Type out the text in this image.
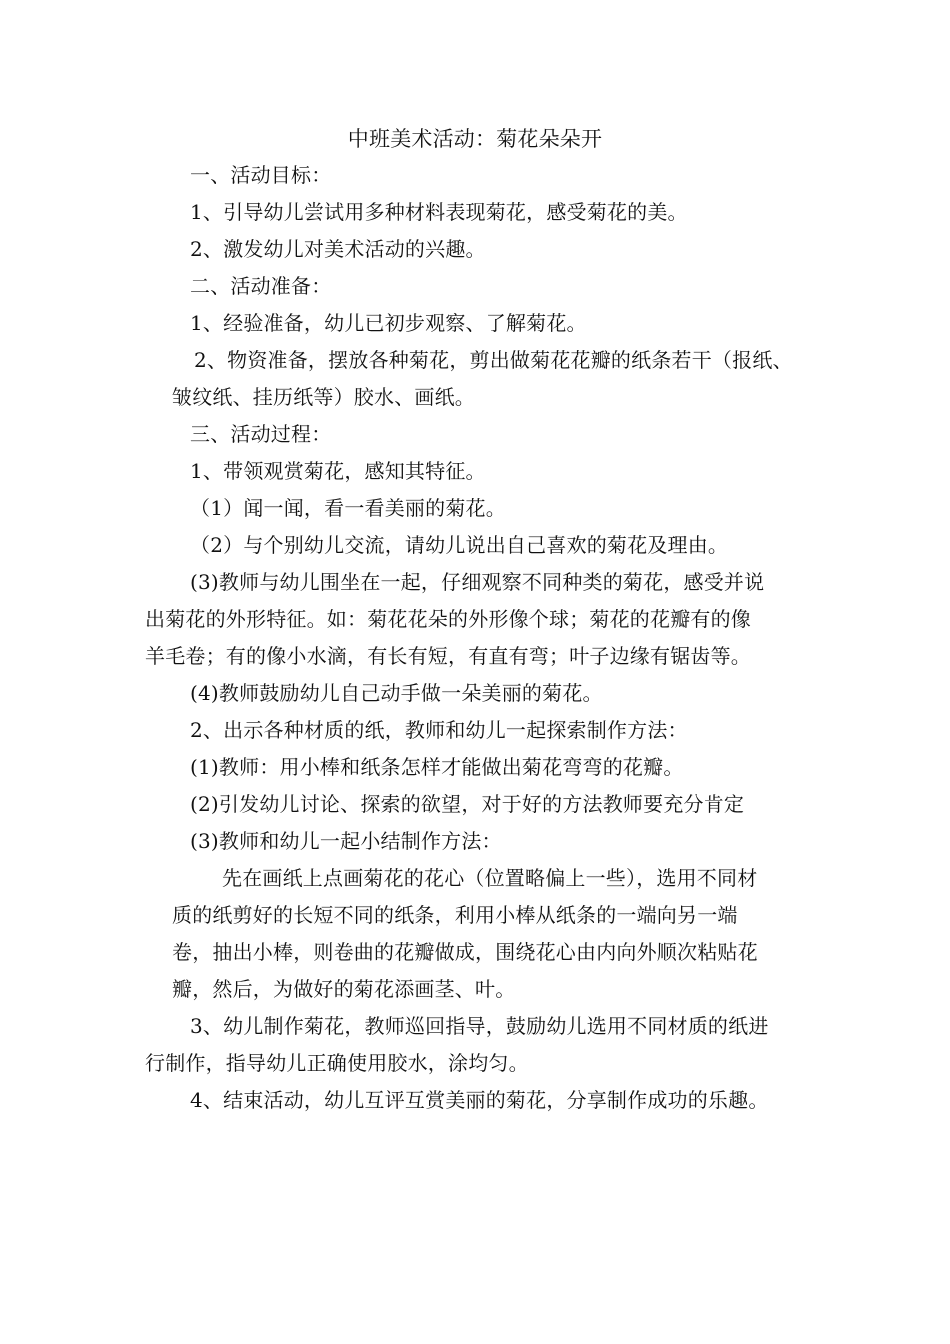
中班美术活动：菊花朵朵开
一、活动目标：
1、引导幼儿尝试用多种材料表现菊花，感受菊花的美。
2、激发幼儿对美术活动的兴趣。
二、活动准备：
1、经验准备，幼儿已初步观察、了解菊花。
2、物资准备，摆放各种菊花，剪出做菊花花瓣的纸条若干（报纸、
皱纹纸、挂历纸等）胶水、画纸。
三、活动过程：
1、带领观赏菊花，感知其特征。
（1）闻一闻，看一看美丽的菊花。
（2）与个别幼儿交流，请幼儿说出自己喜欢的菊花及理由。
(3)教师与幼儿围坐在一起，仔细观察不同种类的菊花，感受并说
出菊花的外形特征。如：菊花花朵的外形像个球；菊花的花瓣有的像
羊毛卷；有的像小水滴，有长有短，有直有弯；叶子边缘有锯齿等。
(4)教师鼓励幼儿自己动手做一朵美丽的菊花。
2、出示各种材质的纸，教师和幼儿一起探索制作方法：
(1)教师：用小棒和纸条怎样才能做出菊花弯弯的花瓣。
(2)引发幼儿讨论、探索的欲望，对于好的方法教师要充分肯定
(3)教师和幼儿一起小结制作方法：
先在画纸上点画菊花的花心（位置略偏上一些），选用不同材
质的纸剪好的长短不同的纸条，利用小棒从纸条的一端向另一端
卷，抽出小棒，则卷曲的花瓣做成，围绕花心由内向外顺次粘贴花
瓣，然后，为做好的菊花添画茎、叶。
3、幼儿制作菊花，教师巡回指导，鼓励幼儿选用不同材质的纸进
行制作，指导幼儿正确使用胶水，涂均匀。
4、结束活动，幼儿互评互赏美丽的菊花，分享制作成功的乐趣。
